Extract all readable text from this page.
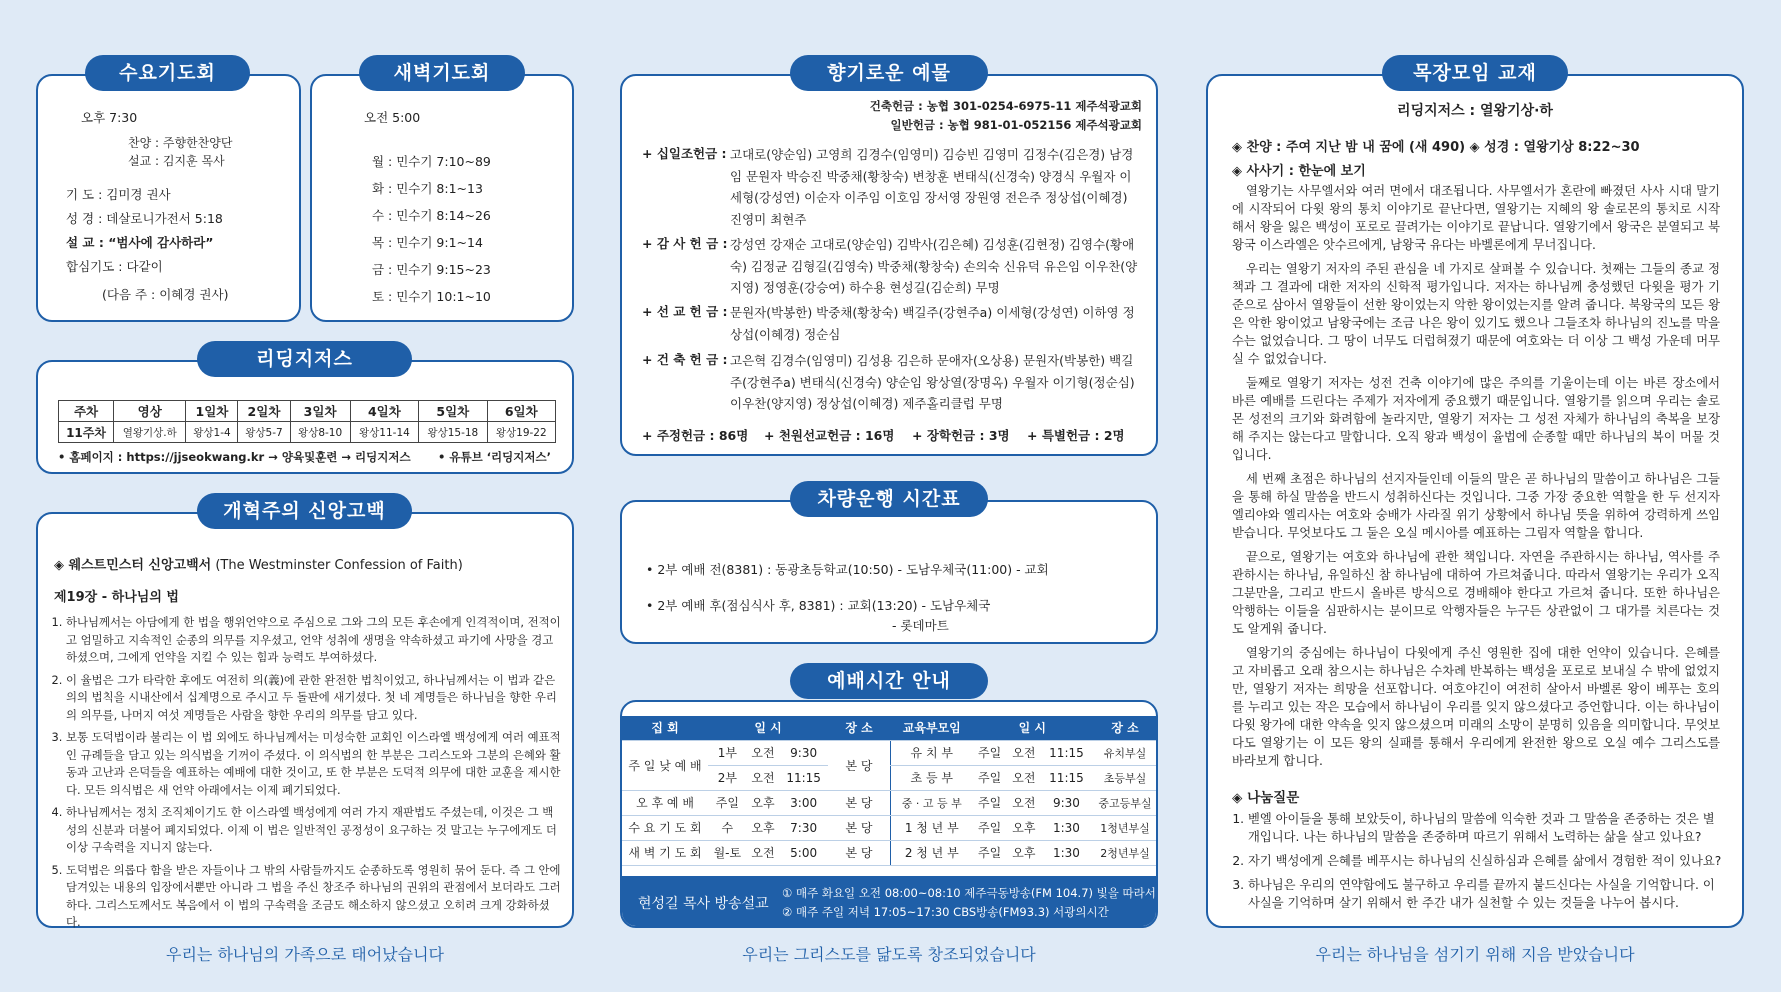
오후 7:30
찬양 : 주향한찬양단
설교 : 김지훈 목사
기 도 : 김미경 권사
성 경 : 데살로니가전서 5:18
설 교 : “범사에 감사하라”
합심기도 : 다같이
(다음 주 : 이혜경 권사)
수요기도회
오전 5:00
월 : 민수기 7:10~89
화 : 민수기 8:1~13
수 : 민수기 8:14~26
목 : 민수기 9:1~14
금 : 민수기 9:15~23
토 : 민수기 10:1~10
새벽기도회
주차	영상	1일차	2일차	3일차	4일차	5일차	6일차
11주차	열왕기상.하	왕상1-4	왕상5-7	왕상8-10	왕상11-14	왕상15-18	왕상19-22
• 홈페이지 : https://jjseokwang.kr → 양육및훈련 → 리딩지저스 • 유튜브 ‘리딩지저스’
리딩지저스
◈ 웨스트민스터 신앙고백서 (The Westminster Confession of Faith)
제19장 - 하나님의 법
1. 하나님께서는 아담에게 한 법을 행위언약으로 주심으로 그와 그의 모든 후손에게 인격적이며, 전적이고 엄밀하고 지속적인 순종의 의무를 지우셨고, 언약 성취에 생명을 약속하셨고 파기에 사망을 경고하셨으며, 그에게 언약을 지킬 수 있는 힘과 능력도 부여하셨다.
2. 이 율법은 그가 타락한 후에도 여전히 의(義)에 관한 완전한 법칙이었고, 하나님께서는 이 법과 같은 의의 법칙을 시내산에서 십계명으로 주시고 두 돌판에 새기셨다. 첫 네 계명들은 하나님을 향한 우리의 의무를, 나머지 여섯 계명들은 사람을 향한 우리의 의무를 담고 있다.
3. 보통 도덕법이라 불리는 이 법 외에도 하나님께서는 미성숙한 교회인 이스라엘 백성에게 여러 예표적인 규례들을 담고 있는 의식법을 기꺼이 주셨다. 이 의식법의 한 부분은 그리스도와 그분의 은혜와 활동과 고난과 은덕들을 예표하는 예배에 대한 것이고, 또 한 부분은 도덕적 의무에 대한 교훈을 제시한다. 모든 의식법은 새 언약 아래에서는 이제 폐기되었다.
4. 하나님께서는 정치 조직체이기도 한 이스라엘 백성에게 여러 가지 재판법도 주셨는데, 이것은 그 백성의 신분과 더불어 폐지되었다. 이제 이 법은 일반적인 공정성이 요구하는 것 말고는 누구에게도 더 이상 구속력을 지니지 않는다.
5. 도덕법은 의롭다 함을 받은 자들이나 그 밖의 사람들까지도 순종하도록 영원히 묶어 둔다. 즉 그 안에 담겨있는 내용의 입장에서뿐만 아니라 그 법을 주신 창조주 하나님의 권위의 관점에서 보더라도 그러하다. 그리스도께서도 복음에서 이 법의 구속력을 조금도 해소하지 않으셨고 오히려 크게 강화하셨다.
개혁주의 신앙고백
우리는 하나님의 가족으로 태어났습니다
건축헌금 : 농협 301-0254-6975-11 제주석광교회
일반헌금 : 농협 981-01-052156 제주석광교회
+ 십일조헌금 : 고대로(양순임) 고영희 김경수(임영미) 김승빈 김영미 김정수(김은경) 남경임 문원자 박승진 박중채(황창숙) 변창훈 변태식(신경숙) 양경식 우월자 이세형(강성연) 이순자 이주임 이호임 장서영 장원영 전은주 정상섭(이혜경) 진영미 최현주
+ 감 사 헌 금 : 강성연 강재순 고대로(양순임) 김박사(김은혜) 김성훈(김현정) 김영수(황애숙) 김정균 김형길(김영숙) 박중채(황창숙) 손의숙 신유덕 유은임 이우찬(양지영) 정영훈(강승여) 하수용 현성길(김순희) 무명
+ 선 교 헌 금 : 문원자(박봉한) 박중채(황창숙) 백길주(강현주a) 이세형(강성연) 이하영 정상섭(이혜경) 정순심
+ 건 축 헌 금 : 고은혁 김경수(임영미) 김성용 김은하 문애자(오상용) 문원자(박봉한) 백길주(강현주a) 변태식(신경숙) 양순임 왕상열(장명옥) 우월자 이기형(정순심) 이우찬(양지영) 정상섭(이혜경) 제주홀리클럽 무명
+ 주정헌금 : 86명 + 천원선교헌금 : 16명 + 장학헌금 : 3명 + 특별헌금 : 2명
향기로운 예물
• 2부 예배 전(8381) : 동광초등학교(10:50) - 도남우체국(11:00) - 교회
• 2부 예배 후(점심식사 후, 8381) : 교회(13:20) - 도남우체국
- 롯데마트
차량운행 시간표
집 회	일 시			장 소
주 일 낮 예 배	1부	오전	9:30	본 당
	2부	오전	11:15	
오 후 예 배	주일	오후	3:00	본 당
수 요 기 도 회	수	오후	7:30	본 당
새 벽 기 도 회	월-토	오전	5:00	본 당
교육부모임	일 시			장 소
유 치 부	주일	오전	11:15	유치부실
초 등 부	주일	오전	11:15	초등부실
중 · 고 등 부	주일	오전	9:30	중고등부실
1 청 년 부	주일	오후	1:30	1청년부실
2 청 년 부	주일	오후	1:30	2청년부실
현성길 목사 방송설교
① 매주 화요일 오전 08:00~08:10 제주극동방송(FM 104.7) 빛을 따라서
② 매주 주일 저녁 17:05~17:30 CBS방송(FM93.3) 서광의시간
예배시간 안내
우리는 그리스도를 닮도록 창조되었습니다
리딩지저스 : 열왕기상·하
◈ 찬양 : 주여 지난 밤 내 꿈에 (새 490) ◈ 성경 : 열왕기상 8:22~30
◈ 사사기 : 한눈에 보기

열왕기는 사무엘서와 여러 면에서 대조됩니다. 사무엘서가 혼란에 빠졌던 사사 시대 말기에 시작되어 다윗 왕의 통치 이야기로 끝난다면, 열왕기는 지혜의 왕 솔로몬의 통치로 시작해서 왕을 잃은 백성이 포로로 끌려가는 이야기로 끝납니다. 열왕기에서 왕국은 분열되고 북왕국 이스라엘은 앗수르에게, 남왕국 유다는 바벨론에게 무너집니다.

우리는 열왕기 저자의 주된 관심을 네 가지로 살펴볼 수 있습니다. 첫째는 그들의 종교 정책과 그 결과에 대한 저자의 신학적 평가입니다. 저자는 하나님께 충성했던 다윗을 평가 기준으로 삼아서 열왕들이 선한 왕이었는지 악한 왕이었는지를 알려 줍니다. 북왕국의 모든 왕은 악한 왕이었고 남왕국에는 조금 나은 왕이 있기도 했으나 그들조차 하나님의 진노를 막을 수는 없었습니다. 그 땅이 너무도 더럽혀졌기 때문에 여호와는 더 이상 그 백성 가운데 머무실 수 없었습니다.

둘째로 열왕기 저자는 성전 건축 이야기에 많은 주의를 기울이는데 이는 바른 장소에서 바른 예배를 드린다는 주제가 저자에게 중요했기 때문입니다. 열왕기를 읽으며 우리는 솔로몬 성전의 크기와 화려함에 놀라지만, 열왕기 저자는 그 성전 자체가 하나님의 축복을 보장해 주지는 않는다고 말합니다. 오직 왕과 백성이 율법에 순종할 때만 하나님의 복이 머물 것입니다.

세 번째 초점은 하나님의 선지자들인데 이들의 말은 곧 하나님의 말씀이고 하나님은 그들을 통해 하실 말씀을 반드시 성취하신다는 것입니다. 그중 가장 중요한 역할을 한 두 선지자 엘리야와 엘리사는 여호와 숭배가 사라질 위기 상황에서 하나님 뜻을 위하여 강력하게 쓰임 받습니다. 무엇보다도 그 둘은 오실 메시아를 예표하는 그림자 역할을 합니다.

끝으로, 열왕기는 여호와 하나님에 관한 책입니다. 자연을 주관하시는 하나님, 역사를 주관하시는 하나님, 유일하신 참 하나님에 대하여 가르쳐줍니다. 따라서 열왕기는 우리가 오직 그분만을, 그리고 반드시 올바른 방식으로 경배해야 한다고 가르쳐 줍니다. 또한 하나님은 악행하는 이들을 심판하시는 분이므로 악행자들은 누구든 상관없이 그 대가를 치른다는 것도 알게워 줍니다.

열왕기의 중심에는 하나님이 다윗에게 주신 영원한 집에 대한 언약이 있습니다. 은혜를 고 자비롭고 오래 참으시는 하나님은 수차례 반복하는 백성을 포로로 보내실 수 밖에 없었지만, 열왕기 저자는 희망을 선포합니다. 여호야긴이 여전히 살아서 바벨론 왕이 베푸는 호의를 누리고 있는 작은 모습에서 하나님이 우리를 잊지 않으셨다고 증언합니다. 이는 하나님이 다윗 왕가에 대한 약속을 잊지 않으셨으며 미래의 소망이 분명히 있음을 의미합니다. 무엇보다도 열왕기는 이 모든 왕의 실패를 통해서 우리에게 완전한 왕으로 오실 예수 그리스도를 바라보게 합니다.

◈ 나눔질문
1. 벧엘 아이들을 통해 보았듯이, 하나님의 말씀에 익숙한 것과 그 말씀을 존중하는 것은 별개입니다. 나는 하나님의 말씀을 존중하며 따르기 위해서 노력하는 삶을 살고 있나요?
2. 자기 백성에게 은혜를 베푸시는 하나님의 신실하심과 은혜를 삶에서 경험한 적이 있나요?
3. 하나님은 우리의 연약함에도 불구하고 우리를 끝까지 붙드신다는 사실을 기억합니다. 이 사실을 기억하며 살기 위해서 한 주간 내가 실천할 수 있는 것들을 나누어 봅시다.
목장모임 교재
우리는 하나님을 섬기기 위해 지음 받았습니다
